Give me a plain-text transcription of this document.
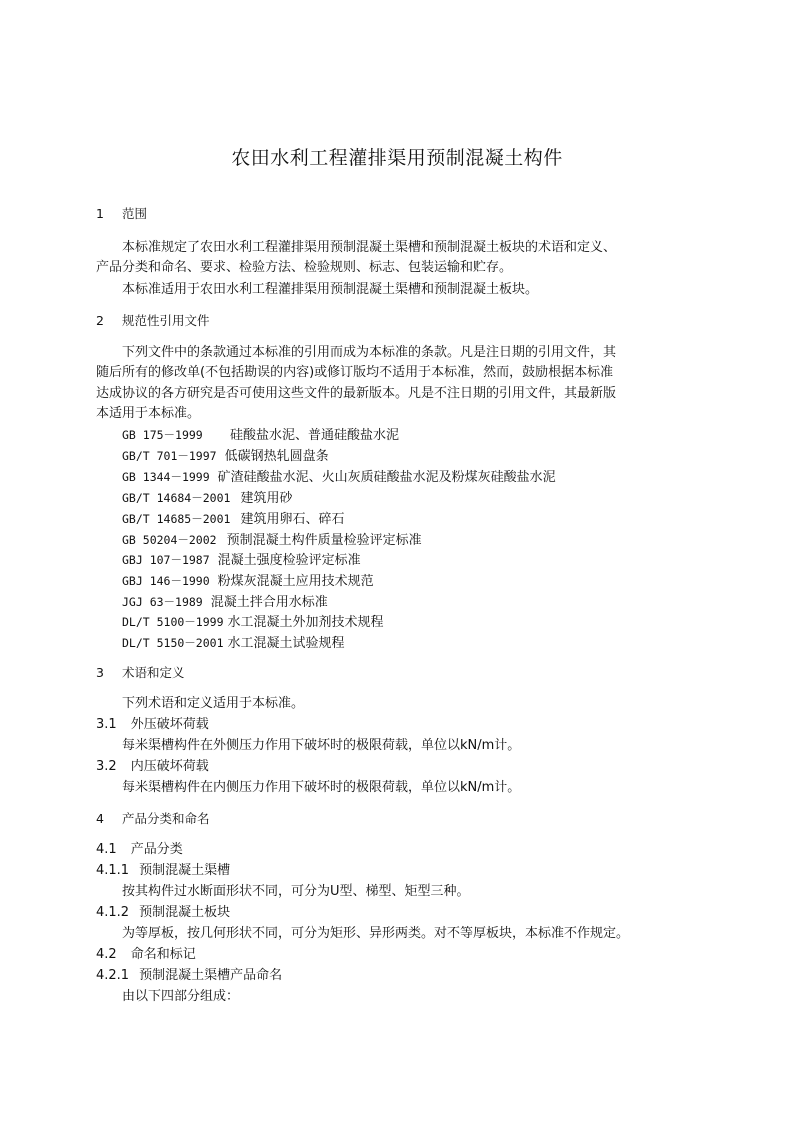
农田水利工程灌排渠用预制混凝土构件
1 范围
本标准规定了农田水利工程灌排渠用预制混凝土渠槽和预制混凝土板块的术语和定义、
产品分类和命名、要求、检验方法、检验规则、标志、包装运输和贮存。
本标准适用于农田水利工程灌排渠用预制混凝土渠槽和预制混凝土板块。
2 规范性引用文件
下列文件中的条款通过本标准的引用而成为本标准的条款。凡是注日期的引用文件，其
随后所有的修改单(不包括勘误的内容)或修订版均不适用于本标准，然而，鼓励根据本标准
达成协议的各方研究是否可使用这些文件的最新版本。凡是不注日期的引用文件，其最新版
本适用于本标准。
GB 175－1999 硅酸盐水泥、普通硅酸盐水泥
GB/T 701－1997 低碳钢热轧圆盘条
GB 1344－1999 矿渣硅酸盐水泥、火山灰质硅酸盐水泥及粉煤灰硅酸盐水泥
GB/T 14684－2001 建筑用砂
GB/T 14685－2001 建筑用卵石、碎石
GB 50204－2002 预制混凝土构件质量检验评定标准
GBJ 107－1987 混凝土强度检验评定标准
GBJ 146－1990 粉煤灰混凝土应用技术规范
JGJ 63－1989 混凝土拌合用水标准
DL/T 5100－1999 水工混凝土外加剂技术规程
DL/T 5150－2001 水工混凝土试验规程
3 术语和定义
下列术语和定义适用于本标准。
3.1 外压破坏荷载
每米渠槽构件在外侧压力作用下破坏时的极限荷载，单位以kN/m计。
3.2 内压破坏荷载
每米渠槽构件在内侧压力作用下破坏时的极限荷载，单位以kN/m计。
4 产品分类和命名
4.1 产品分类
4.1.1 预制混凝土渠槽
按其构件过水断面形状不同，可分为U型、梯型、矩型三种。
4.1.2 预制混凝土板块
为等厚板，按几何形状不同，可分为矩形、异形两类。对不等厚板块，本标准不作规定。
4.2 命名和标记
4.2.1 预制混凝土渠槽产品命名
由以下四部分组成：
